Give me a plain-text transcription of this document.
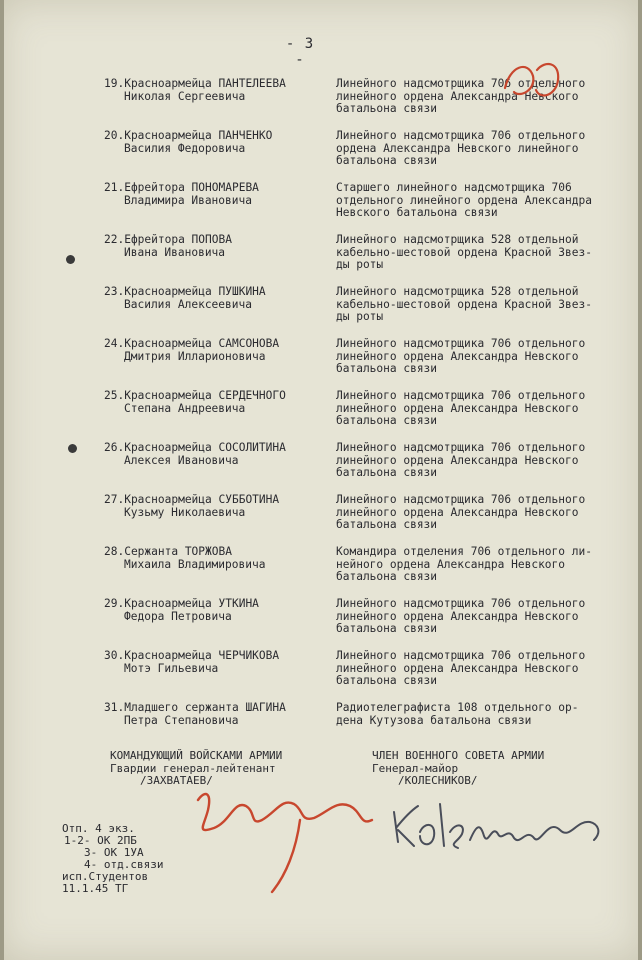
- 3 -
19.Красноармейца ПАНТЕЛЕЕВА
Николая Сергеевича
Линейного надсмотрщика 706 отдельного
линейного ордена Александра Невского
батальона связи
20.Красноармейца ПАНЧЕНКО
Василия Федоровича
Линейного надсмотрщика 706 отдельного
ордена Александра Невского линейного
батальона связи
21.Ефрейтора ПОНОМАРЕВА
Владимира Ивановича
Старшего линейного надсмотрщика 706
отдельного линейного ордена Александра
Невского батальона связи
22.Ефрейтора ПОПОВА
Ивана Ивановича
Линейного надсмотрщика 528 отдельной
кабельно-шестовой ордена Красной Звез-
ды роты
23.Красноармейца ПУШКИНА
Василия Алексеевича
Линейного надсмотрщика 528 отдельной
кабельно-шестовой ордена Красной Звез-
ды роты
24.Красноармейца САМСОНОВА
Дмитрия Илларионовича
Линейного надсмотрщика 706 отдельного
линейного ордена Александра Невского
батальона связи
25.Красноармейца СЕРДЕЧНОГО
Степана Андреевича
Линейного надсмотрщика 706 отдельного
линейного ордена Александра Невского
батальона связи
26.Красноармейца СОСОЛИТИНА
Алексея Ивановича
Линейного надсмотрщика 706 отдельного
линейного ордена Александра Невского
батальона связи
27.Красноармейца СУББОТИНА
Кузьму Николаевича
Линейного надсмотрщика 706 отдельного
линейного ордена Александра Невского
батальона связи
28.Сержанта ТОРЖОВА
Михаила Владимировича
Командира отделения 706 отдельного ли-
нейного ордена Александра Невского
батальона связи
29.Красноармейца УТКИНА
Федора Петровича
Линейного надсмотрщика 706 отдельного
линейного ордена Александра Невского
батальона связи
30.Красноармейца ЧЕРЧИКОВА
Мотэ Гильевича
Линейного надсмотрщика 706 отдельного
линейного ордена Александра Невского
батальона связи
31.Младшего сержанта ШАГИНА
Петра Степановича
Радиотелеграфиста 108 отдельного ор-
дена Кутузова батальона связи
КОМАНДУЮЩИЙ ВОЙСКАМИ АРМИИ
Гвардии генерал-лейтенант
/ЗАХВАТАЕВ/
ЧЛЕН ВОЕННОГО СОВЕТА АРМИИ
Генерал-майор
/КОЛЕСНИКОВ/
Отп. 4 экз.
1-2- ОК 2ПБ
3- ОК 1УА
4- отд.связи
исп.Студентов
11.1.45 ТГ
